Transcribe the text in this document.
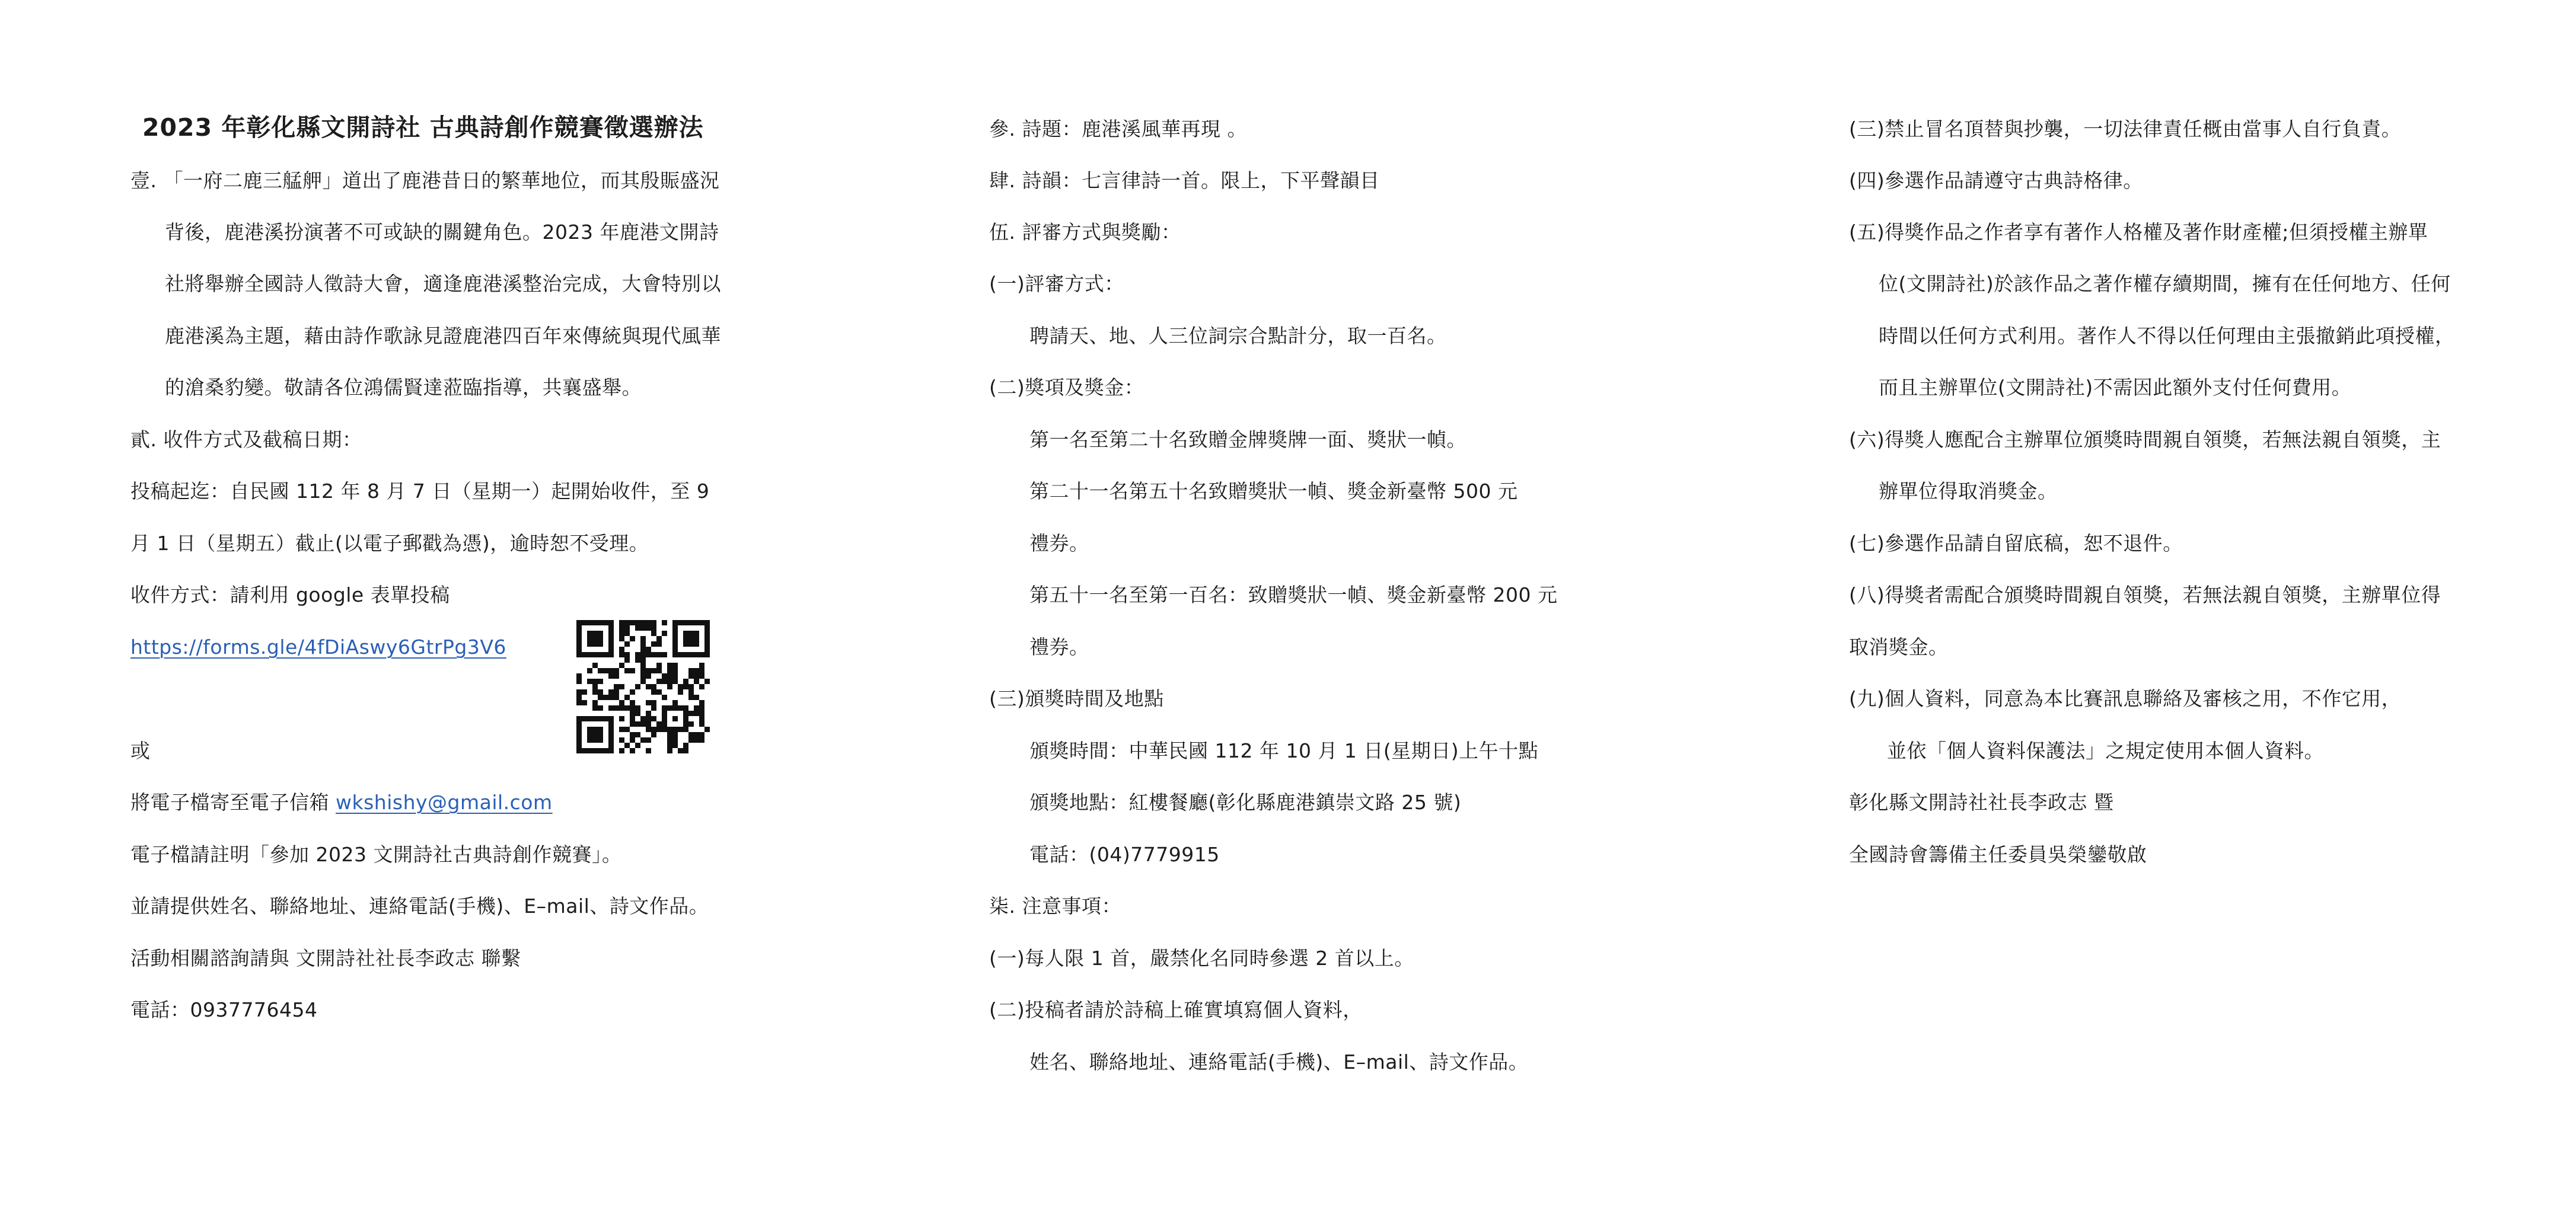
2023 年彰化縣文開詩社 古典詩創作競賽徵選辦法
壹. 「一府二鹿三艋舺」道出了鹿港昔日的繁華地位，而其殷賑盛況
背後，鹿港溪扮演著不可或缺的關鍵角色。2023 年鹿港文開詩
社將舉辦全國詩人徵詩大會，適逢鹿港溪整治完成，大會特別以
鹿港溪為主題，藉由詩作歌詠見證鹿港四百年來傳統與現代風華
的滄桑豹變。敬請各位鴻儒賢達蒞臨指導，共襄盛舉。
貳. 收件方式及截稿日期：
投稿起迄：自民國 112 年 8 月 7 日（星期一）起開始收件，至 9
月 1 日（星期五）截止(以電子郵戳為憑)，逾時恕不受理。
收件方式：請利用 google 表單投稿
https://forms.gle/4fDiAswy6GtrPg3V6
或
將電子檔寄至電子信箱 wkshishy@gmail.com
電子檔請註明「參加 2023 文開詩社古典詩創作競賽」。
並請提供姓名、聯絡地址、連絡電話(手機)、E–mail、詩文作品。
活動相關諮詢請與 文開詩社社長李政志 聯繫
電話：0937776454
參. 詩題：鹿港溪風華再現 。
肆. 詩韻：七言律詩一首。限上，下平聲韻目
伍. 評審方式與獎勵：
(一)評審方式：
聘請天、地、人三位詞宗合點計分，取一百名。
(二)獎項及獎金：
第一名至第二十名致贈金牌獎牌一面、獎狀一幀。
第二十一名第五十名致贈獎狀一幀、獎金新臺幣 500 元
禮券。
第五十一名至第一百名：致贈獎狀一幀、獎金新臺幣 200 元
禮券。
(三)頒獎時間及地點
頒獎時間：中華民國 112 年 10 月 1 日(星期日)上午十點
頒獎地點：紅樓餐廳(彰化縣鹿港鎮崇文路 25 號)
電話：(04)7779915
柒. 注意事項：
(一)每人限 1 首，嚴禁化名同時參選 2 首以上。
(二)投稿者請於詩稿上確實填寫個人資料，
姓名、聯絡地址、連絡電話(手機)、E–mail、詩文作品。
(三)禁止冒名頂替與抄襲，一切法律責任概由當事人自行負責。
(四)參選作品請遵守古典詩格律。
(五)得獎作品之作者享有著作人格權及著作財產權;但須授權主辦單
位(文開詩社)於該作品之著作權存續期間，擁有在任何地方、任何
時間以任何方式利用。著作人不得以任何理由主張撤銷此項授權，
而且主辦單位(文開詩社)不需因此額外支付任何費用。
(六)得獎人應配合主辦單位頒獎時間親自領獎，若無法親自領獎，主
辦單位得取消獎金。
(七)參選作品請自留底稿，恕不退件。
(八)得獎者需配合頒獎時間親自領獎，若無法親自領獎，主辦單位得
取消獎金。
(九)個人資料，同意為本比賽訊息聯絡及審核之用，不作它用，
並依「個人資料保護法」之規定使用本個人資料。
彰化縣文開詩社社長李政志 暨
全國詩會籌備主任委員吳榮鑾敬啟
